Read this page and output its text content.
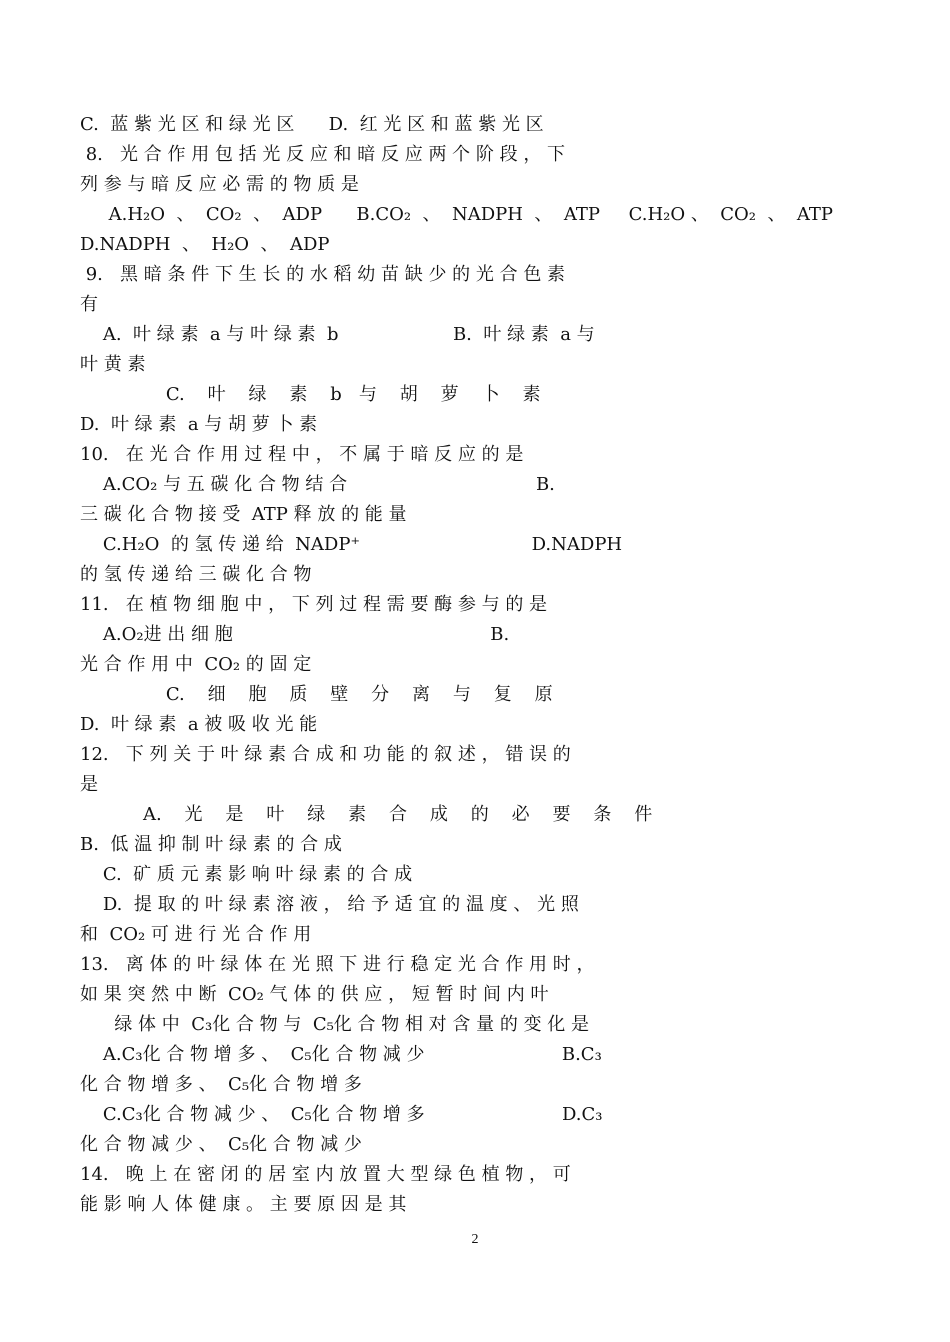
C.  蓝 紫 光 区 和 绿 光 区      D.  红 光 区 和 蓝 紫 光 区
8.   光 合 作 用 包 括 光 反 应 和 暗 反 应 两 个 阶 段 ， 下
列 参 与 暗 反 应 必 需 的 物 质 是
A.H₂O  、  CO₂  、  ADP      B.CO₂  、  NADPH  、  ATP     C.H₂O 、  CO₂  、  ATP
D.NADPH  、  H₂O  、  ADP
9.   黑 暗 条 件 下 生 长 的 水 稻 幼 苗 缺 少 的 光 合 色 素
有
A.  叶 绿 素  a 与 叶 绿 素  b                    B.  叶 绿 素  a 与
叶 黄 素
C.    叶    绿    素    b   与    胡    萝    卜    素
D.  叶 绿 素  a 与 胡 萝 卜 素
10.   在 光 合 作 用 过 程 中 ， 不 属 于 暗 反 应 的 是
A.CO₂ 与 五 碳 化 合 物 结 合                                 B.
三 碳 化 合 物 接 受  ATP 释 放 的 能 量
C.H₂O  的 氢 传 递 给  NADP⁺                              D.NADPH
的 氢 传 递 给 三 碳 化 合 物
11.   在 植 物 细 胞 中 ， 下 列 过 程 需 要 酶 参 与 的 是
A.O₂进 出 细 胞                                             B.
光 合 作 用 中  CO₂ 的 固 定
C.    细    胞    质    壁    分    离    与    复    原
D.  叶 绿 素  a 被 吸 收 光 能
12.   下 列 关 于 叶 绿 素 合 成 和 功 能 的 叙 述 ， 错 误 的
是
A.    光    是    叶    绿    素    合    成    的    必    要    条    件
B.  低 温 抑 制 叶 绿 素 的 合 成
C.  矿 质 元 素 影 响 叶 绿 素 的 合 成
D.  提 取 的 叶 绿 素 溶 液 ， 给 予 适 宜 的 温 度 、 光 照
和  CO₂ 可 进 行 光 合 作 用
13.   离 体 的 叶 绿 体 在 光 照 下 进 行 稳 定 光 合 作 用 时 ，
如 果 突 然 中 断  CO₂ 气 体 的 供 应 ， 短 暂 时 间 内 叶
绿 体 中  C₃化 合 物 与  C₅化 合 物 相 对 含 量 的 变 化 是
A.C₃化 合 物 增 多 、  C₅化 合 物 减 少                        B.C₃
化 合 物 增 多 、  C₅化 合 物 增 多
C.C₃化 合 物 减 少 、  C₅化 合 物 增 多                        D.C₃
化 合 物 减 少 、  C₅化 合 物 减 少
14.   晚 上 在 密 闭 的 居 室 内 放 置 大 型 绿 色 植 物 ， 可
能 影 响 人 体 健 康 。 主 要 原 因 是 其
2
